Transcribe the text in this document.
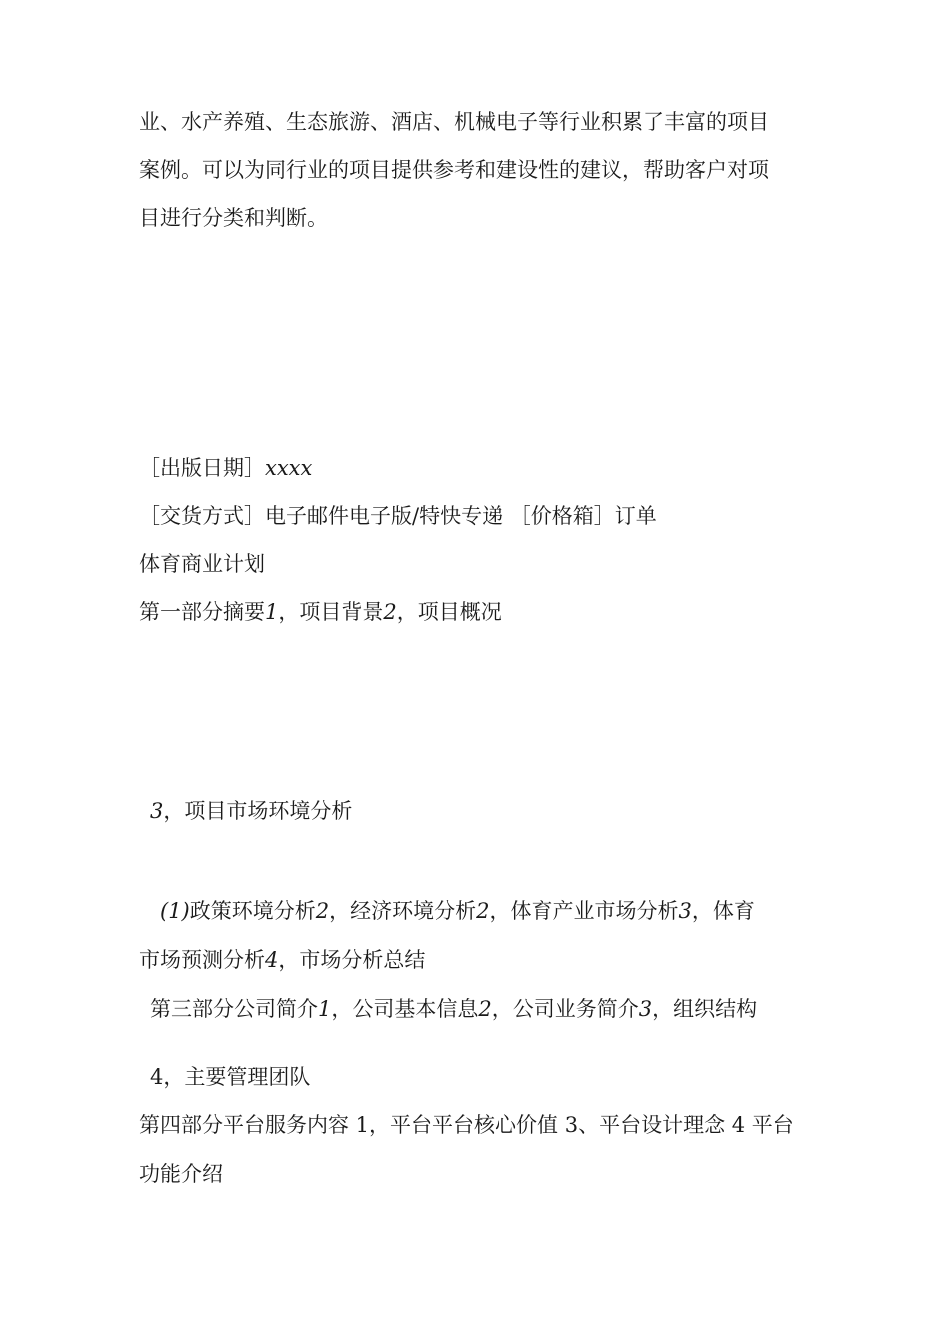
业、水产养殖、生态旅游、酒店、机械电子等行业积累了丰富的项目
案例。可以为同行业的项目提供参考和建设性的建议，帮助客户对项
目进行分类和判断。
［出版日期］xxxx
［交货方式］电子邮件电子版/特快专递 ［价格箱］订单
体育商业计划
第一部分摘要1，项目背景2，项目概况
3，项目市场环境分析
(1)政策环境分析2，经济环境分析2，体育产业市场分析3，体育
市场预测分析4，市场分析总结
第三部分公司简介1，公司基本信息2，公司业务简介3，组织结构
4，主要管理团队
第四部分平台服务内容 1，平台平台核心价值 3、平台设计理念 4 平台
功能介绍
